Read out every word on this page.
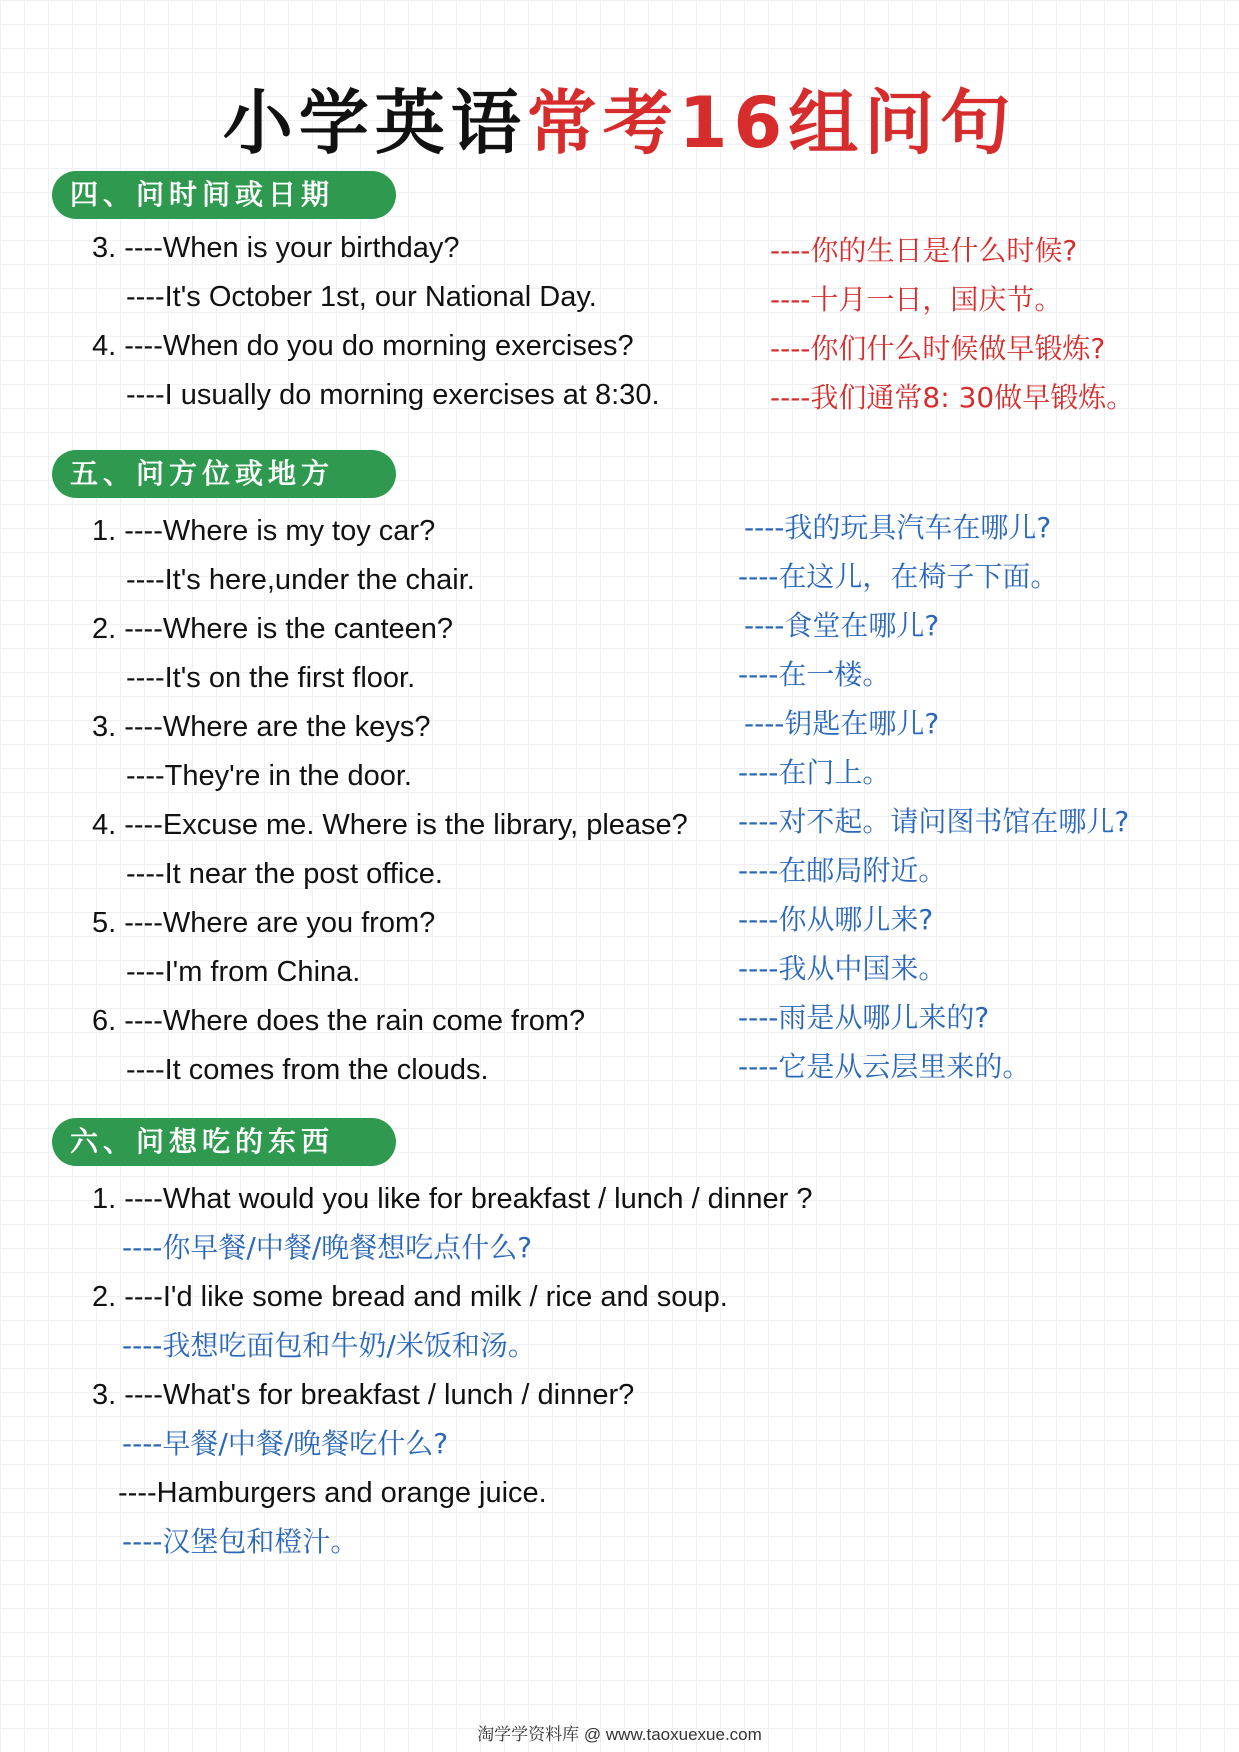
小学英语常考16组问句
四、问时间或日期
3. ----When is your birthday?	----你的生日是什么时候?
----It's October 1st, our National Day.	----十月一日，国庆节。
4. ----When do you do morning exercises?	----你们什么时候做早锻炼?
----I usually do morning exercises at 8:30.	----我们通常8: 30做早锻炼。
五、问方位或地方
1. ----Where is my toy car?	----我的玩具汽车在哪儿?
----It's here,under the chair.	----在这儿，在椅子下面。
2. ----Where is the canteen?	----食堂在哪儿?
----It's on the first floor.	----在一楼。
3. ----Where are the keys?	----钥匙在哪儿?
----They're in the door.	----在门上。
4. ----Excuse me. Where is the library, please? ----对不起。请问图书馆在哪儿?
----It near the post office.	----在邮局附近。
5. ----Where are you from?	----你从哪儿来?
----I'm from China.	----我从中国来。
6. ----Where does the rain come from?	----雨是从哪儿来的?
----It comes from the clouds.	----它是从云层里来的。
六、问想吃的东西
1. ----What would you like for breakfast / lunch / dinner ?
----你早餐/中餐/晚餐想吃点什么?
2. ----I'd like some bread and milk / rice and soup.
----我想吃面包和牛奶/米饭和汤。
3. ----What's for breakfast / lunch / dinner?
----早餐/中餐/晚餐吃什么?
----Hamburgers and orange juice.
----汉堡包和橙汁。
淘学学资料库 @ www.taoxuexue.com
